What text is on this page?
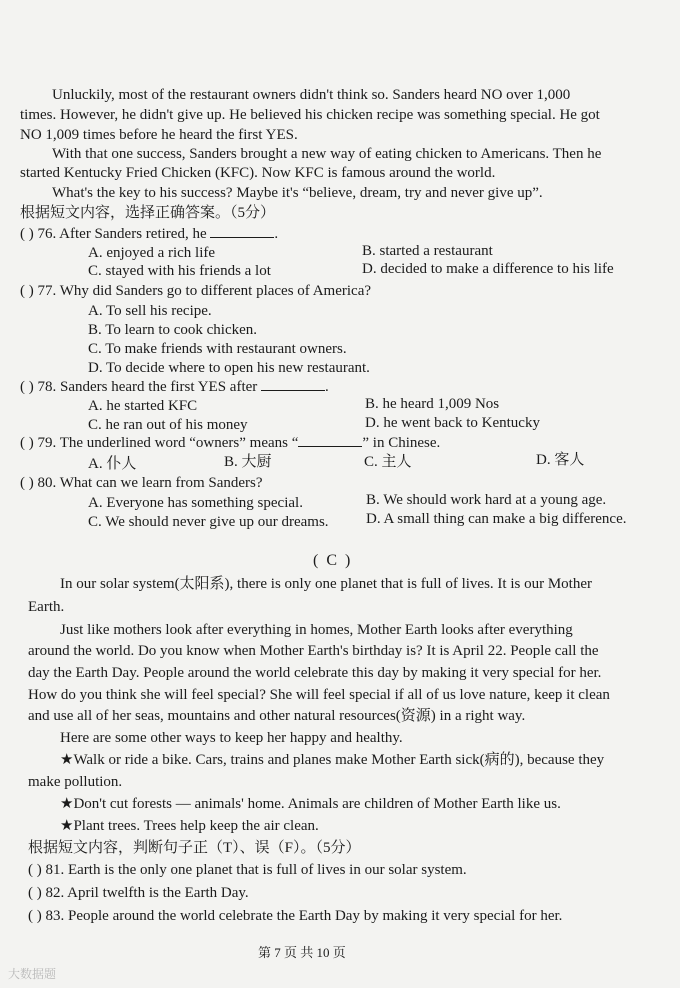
Unluckily, most of the restaurant owners didn't think so. Sanders heard NO over 1,000
times. However, he didn't give up. He believed his chicken recipe was something special. He got
NO 1,009 times before he heard the first YES.
With that one success, Sanders brought a new way of eating chicken to Americans. Then he
started Kentucky Fried Chicken (KFC). Now KFC is famous around the world.
What's the key to his success? Maybe it's “believe, dream, try and never give up”.
根据短文内容，选择正确答案。（5分）
( ) 76. After Sanders retired, he	.
A. enjoyed a rich life	B. started a restaurant
C. stayed with his friends a lot	D. decided to make a difference to his life
( ) 77. Why did Sanders go to different places of America?
A. To sell his recipe.
B. To learn to cook chicken.
C. To make friends with restaurant owners.
D. To decide where to open his new restaurant.
( ) 78. Sanders heard the first YES after	.
A. he started KFC	B. he heard 1,009 Nos
C. he ran out of his money	D. he went back to Kentucky
( ) 79. The underlined word “owners” means “	” in Chinese.
A. 仆人	B. 大厨	C. 主人	D. 客人
( ) 80. What can we learn from Sanders?
A. Everyone has something special.	B. We should work hard at a young age.
C. We should never give up our dreams. D. A small thing can make a big difference.
( C )
In our solar system(太阳系), there is only one planet that is full of lives. It is our Mother
Earth.
Just like mothers look after everything in homes, Mother Earth looks after everything
around the world. Do you know when Mother Earth's birthday is? It is April 22. People call the
day the Earth Day. People around the world celebrate this day by making it very special for her.
How do you think she will feel special? She will feel special if all of us love nature, keep it clean
and use all of her seas, mountains and other natural resources(资源) in a right way.
Here are some other ways to keep her happy and healthy.
★Walk or ride a bike. Cars, trains and planes make Mother Earth sick(病的), because they
make pollution.
★Don't cut forests — animals' home. Animals are children of Mother Earth like us.
★Plant trees. Trees help keep the air clean.
根据短文内容，判断句子正（T）、误（F）。（5分）
( ) 81. Earth is the only one planet that is full of lives in our solar system.
( ) 82. April twelfth is the Earth Day.
( ) 83. People around the world celebrate the Earth Day by making it very special for her.
第 7 页 共 10 页
大数据题
